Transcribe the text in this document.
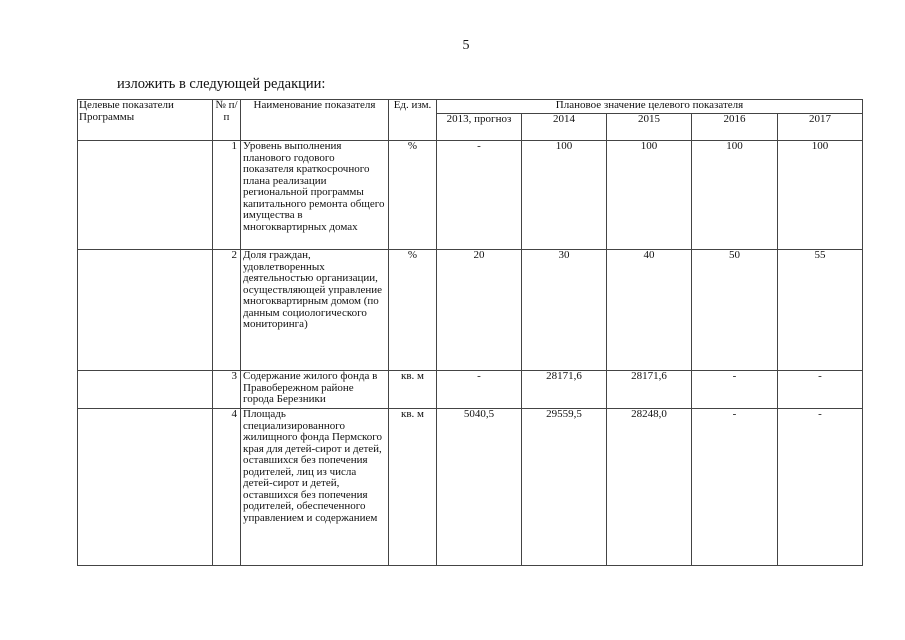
5
изложить в следующей редакции:
Целевые показатели Программы	№ п/п	Наименование показателя	Ед. изм.	Плановое значение целевого показателя				
				2013, прогноз	2014	2015	2016	2017
	1	Уровень выполнения планового годового показателя краткосрочного плана реализации региональной программы капитального ремонта общего имущества в многоквартирных домах	%	-	100	100	100	100
	2	Доля граждан, удовлетворенных деятельностью организации, осуществляющей управление многоквартирным домом (по данным социологического мониторинга)	%	20	30	40	50	55
	3	Содержание жилого фонда в Правобережном районе города Березники	кв. м	-	28171,6	28171,6	-	-
	4	Площадь специализированного жилищного фонда Пермского края для детей-сирот и детей, оставшихся без попечения родителей, лиц из числа детей-сирот и детей, оставшихся без попечения родителей, обеспеченного управлением и содержанием	кв. м	5040,5	29559,5	28248,0	-	-
